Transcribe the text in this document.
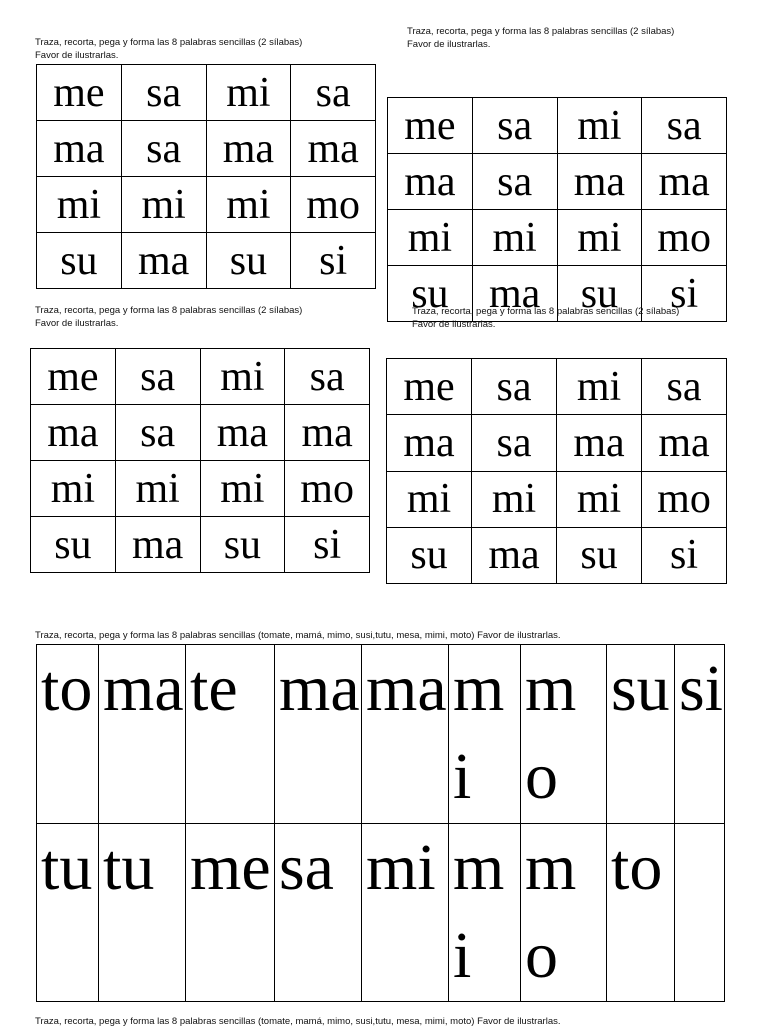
Traza, recorta, pega y forma las 8 palabras sencillas (2 sílabas)
Favor de ilustrarlas.
me	sa	mi	sa
ma	sa	ma	ma
mi	mi	mi	mo
su	ma	su	si
Traza, recorta, pega y forma las 8 palabras sencillas (2 sílabas)
Favor de ilustrarlas.
me	sa	mi	sa
ma	sa	ma	ma
mi	mi	mi	mo
su	ma	su	si
Traza, recorta, pega y forma las 8 palabras sencillas (2 sílabas)
Favor de ilustrarlas.
me	sa	mi	sa
ma	sa	ma	ma
mi	mi	mi	mo
su	ma	su	si
Traza, recorta, pega y forma las 8 palabras sencillas (2 sílabas)
Favor de ilustrarlas.
me	sa	mi	sa
ma	sa	ma	ma
mi	mi	mi	mo
su	ma	su	si
Traza, recorta, pega y forma las 8 palabras sencillas (tomate, mamá, mimo, susi,tutu, mesa, mimi, moto) Favor de ilustrarlas.
to	ma	te	ma	ma	mi	mo	su	si
tu	tu	me	sa	mi	mi	mo	to	
Traza, recorta, pega y forma las 8 palabras sencillas (tomate, mamá, mimo, susi,tutu, mesa, mimi, moto) Favor de ilustrarlas.
